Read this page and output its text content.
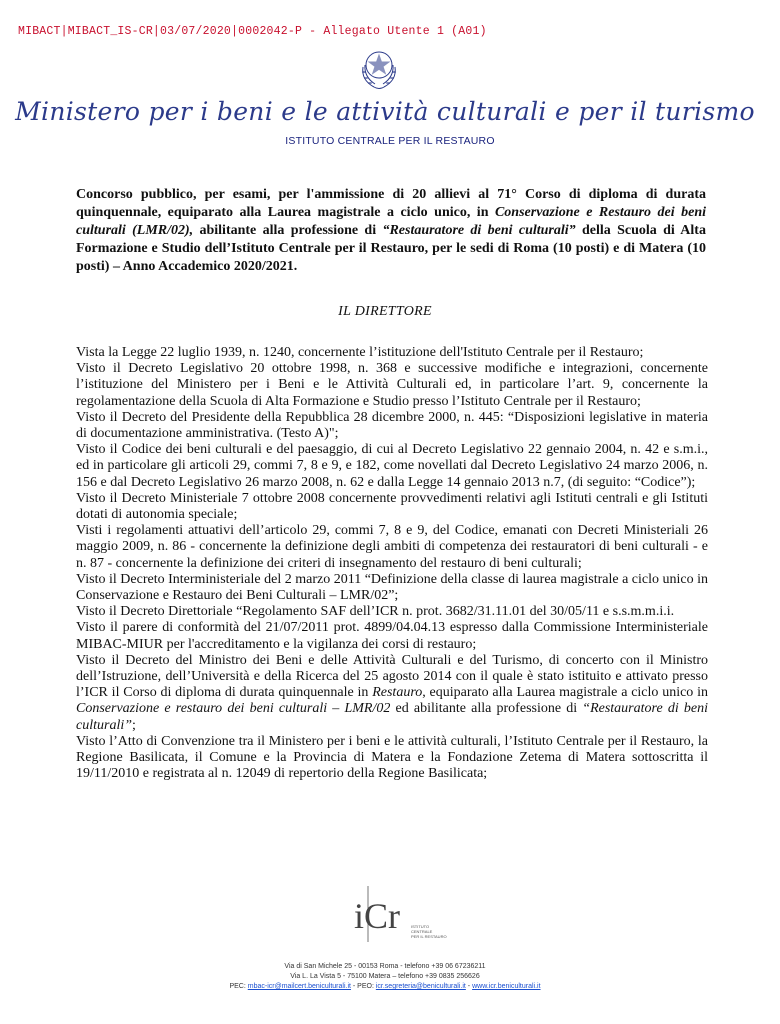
MIBACT|MIBACT_IS-CR|03/07/2020|0002042-P - Allegato Utente 1 (A01)
Ministero per i beni e le attività culturali e per il turismo
ISTITUTO CENTRALE PER IL RESTAURO
Concorso pubblico, per esami, per l'ammissione di 20 allievi al 71° Corso di diploma di durata quinquennale, equiparato alla Laurea magistrale a ciclo unico, in Conservazione e Restauro dei beni culturali (LMR/02), abilitante alla professione di “Restauratore di beni culturali” della Scuola di Alta Formazione e Studio dell’Istituto Centrale per il Restauro, per le sedi di Roma (10 posti) e di Matera (10 posti) – Anno Accademico 2020/2021.
IL DIRETTORE

Vista la Legge 22 luglio 1939, n. 1240, concernente l’istituzione dell'Istituto Centrale per il Restauro;

Visto il Decreto Legislativo 20 ottobre 1998, n. 368 e successive modifiche e integrazioni, concernente l’istituzione del Ministero per i Beni e le Attività Culturali ed, in particolare l’art. 9, concernente la regolamentazione della Scuola di Alta Formazione e Studio presso l’Istituto Centrale per il Restauro;

Visto il Decreto del Presidente della Repubblica 28 dicembre 2000, n. 445: “Disposizioni legislative in materia di documentazione amministrativa. (Testo A)";

Visto il Codice dei beni culturali e del paesaggio, di cui al Decreto Legislativo 22 gennaio 2004, n. 42 e s.m.i., ed in particolare gli articoli 29, commi 7, 8 e 9, e 182, come novellati dal Decreto Legislativo 24 marzo 2006, n. 156 e dal Decreto Legislativo 26 marzo 2008, n. 62 e dalla Legge 14 gennaio 2013 n.7, (di seguito: “Codice”);

Visto il Decreto Ministeriale 7 ottobre 2008 concernente provvedimenti relativi agli Istituti centrali e gli Istituti dotati di autonomia speciale;

Visti i regolamenti attuativi dell’articolo 29, commi 7, 8 e 9, del Codice, emanati con Decreti Ministeriali 26 maggio 2009, n. 86 - concernente la definizione degli ambiti di competenza dei restauratori di beni culturali - e n. 87 - concernente la definizione dei criteri di insegnamento del restauro di beni culturali;

Visto il Decreto Interministeriale del 2 marzo 2011 “Definizione della classe di laurea magistrale a ciclo unico in Conservazione e Restauro dei Beni Culturali – LMR/02”;

Visto il Decreto Direttoriale “Regolamento SAF dell’ICR n. prot. 3682/31.11.01 del 30/05/11 e s.s.m.m.i.i.

Visto il parere di conformità del 21/07/2011 prot. 4899/04.04.13 espresso dalla Commissione Interministeriale MIBAC-MIUR per l'accreditamento e la vigilanza dei corsi di restauro;

Visto il Decreto del Ministro dei Beni e delle Attività Culturali e del Turismo, di concerto con il Ministro dell’Istruzione, dell’Università e della Ricerca del 25 agosto 2014 con il quale è stato istituito e attivato presso l’ICR il Corso di diploma di durata quinquennale in Restauro, equiparato alla Laurea magistrale a ciclo unico in Conservazione e restauro dei beni culturali – LMR/02 ed abilitante alla professione di “Restauratore di beni culturali”;

Visto l’Atto di Convenzione tra il Ministero per i beni e le attività culturali, l’Istituto Centrale per il Restauro, la Regione Basilicata, il Comune e la Provincia di Matera e la Fondazione Zetema di Matera sottoscritta il 19/11/2010 e registrata al n. 12049 di repertorio della Regione Basilicata;

iCr	ISTITUTO CENTRALE PER IL RESTAURO
Via di San Michele 25 - 00153 Roma - telefono +39 06 67236211
Via L. La Vista 5 - 75100 Matera – telefono +39 0835 256626
PEC: mbac-icr@mailcert.beniculturali.it - PEO: icr.segreteria@beniculturali.it - www.icr.beniculturali.it
